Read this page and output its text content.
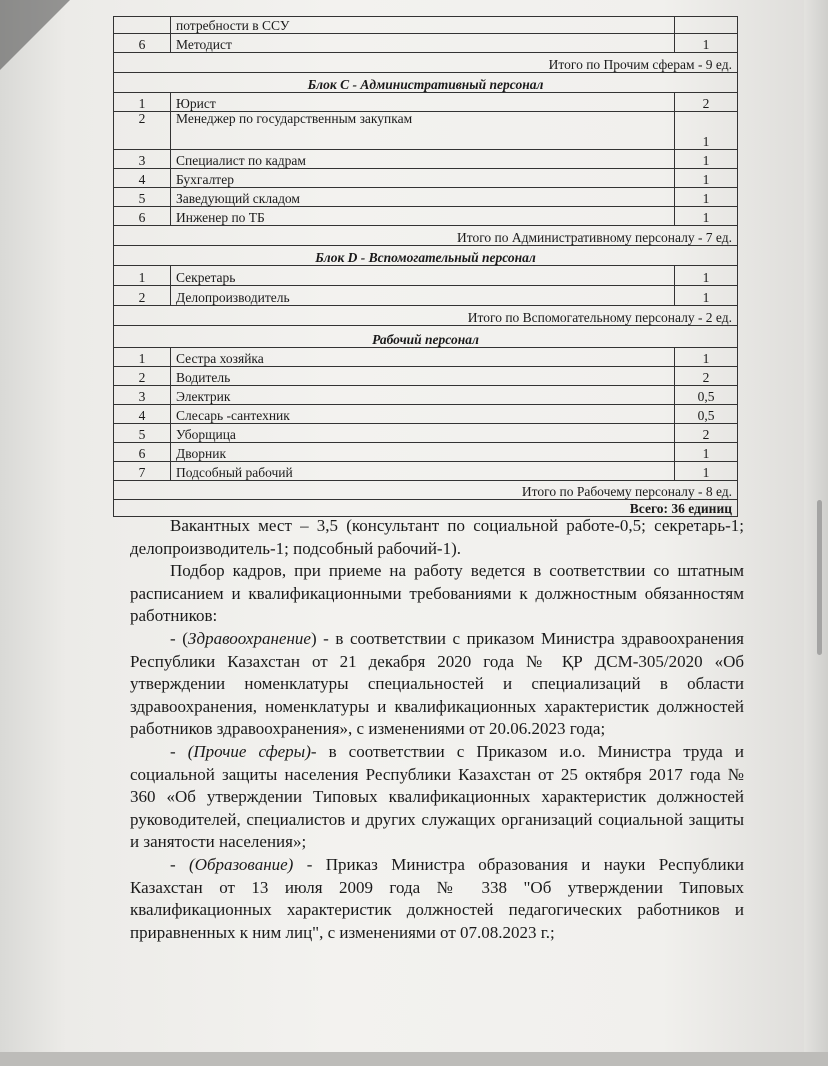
	потребности в ССУ	
6	Методист	1
Итого по Прочим сферам - 9 ед.		
Блок С - Административный персонал		
1	Юрист	2
2	Менеджер по государственным закупкам	1
3	Специалист по кадрам	1
4	Бухгалтер	1
5	Заведующий складом	1
6	Инженер по ТБ	1
Итого по Административному персоналу - 7 ед.		
Блок D - Вспомогательный персонал		
1	Секретарь	1
2	Делопроизводитель	1
Итого по Вспомогательному персоналу - 2 ед.		
Рабочий персонал		
1	Сестра хозяйка	1
2	Водитель	2
3	Электрик	0,5
4	Слесарь -сантехник	0,5
5	Уборщица	2
6	Дворник	1
7	Подсобный рабочий	1
Итого по Рабочему персоналу - 8 ед.		
Всего: 36 единиц		

Вакантных мест – 3,5 (консультант по социальной работе-0,5; секретарь-1; делопроизводитель-1; подсобный рабочий-1).

Подбор кадров, при приеме на работу ведется в соответствии со штатным расписанием и квалификационными требованиями к должностным обязанностям работников:

- (Здравоохранение) - в соответствии с приказом Министра здравоохранения Республики Казахстан от 21 декабря 2020 года № ҚР ДСМ-305/2020 «Об утверждении номенклатуры специальностей и специализаций в области здравоохранения, номенклатуры и квалификационных характеристик должностей работников здравоохранения», с изменениями от 20.06.2023 года;

- (Прочие сферы)- в соответствии с Приказом и.о. Министра труда и социальной защиты населения Республики Казахстан от 25 октября 2017 года № 360 «Об утверждении Типовых квалификационных характеристик должностей руководителей, специалистов и других служащих организаций социальной защиты и занятости населения»;

- (Образование) - Приказ Министра образования и науки Республики Казахстан от 13 июля 2009 года № 338 "Об утверждении Типовых квалификационных характеристик должностей педагогических работников и приравненных к ним лиц", с изменениями от 07.08.2023 г.;
